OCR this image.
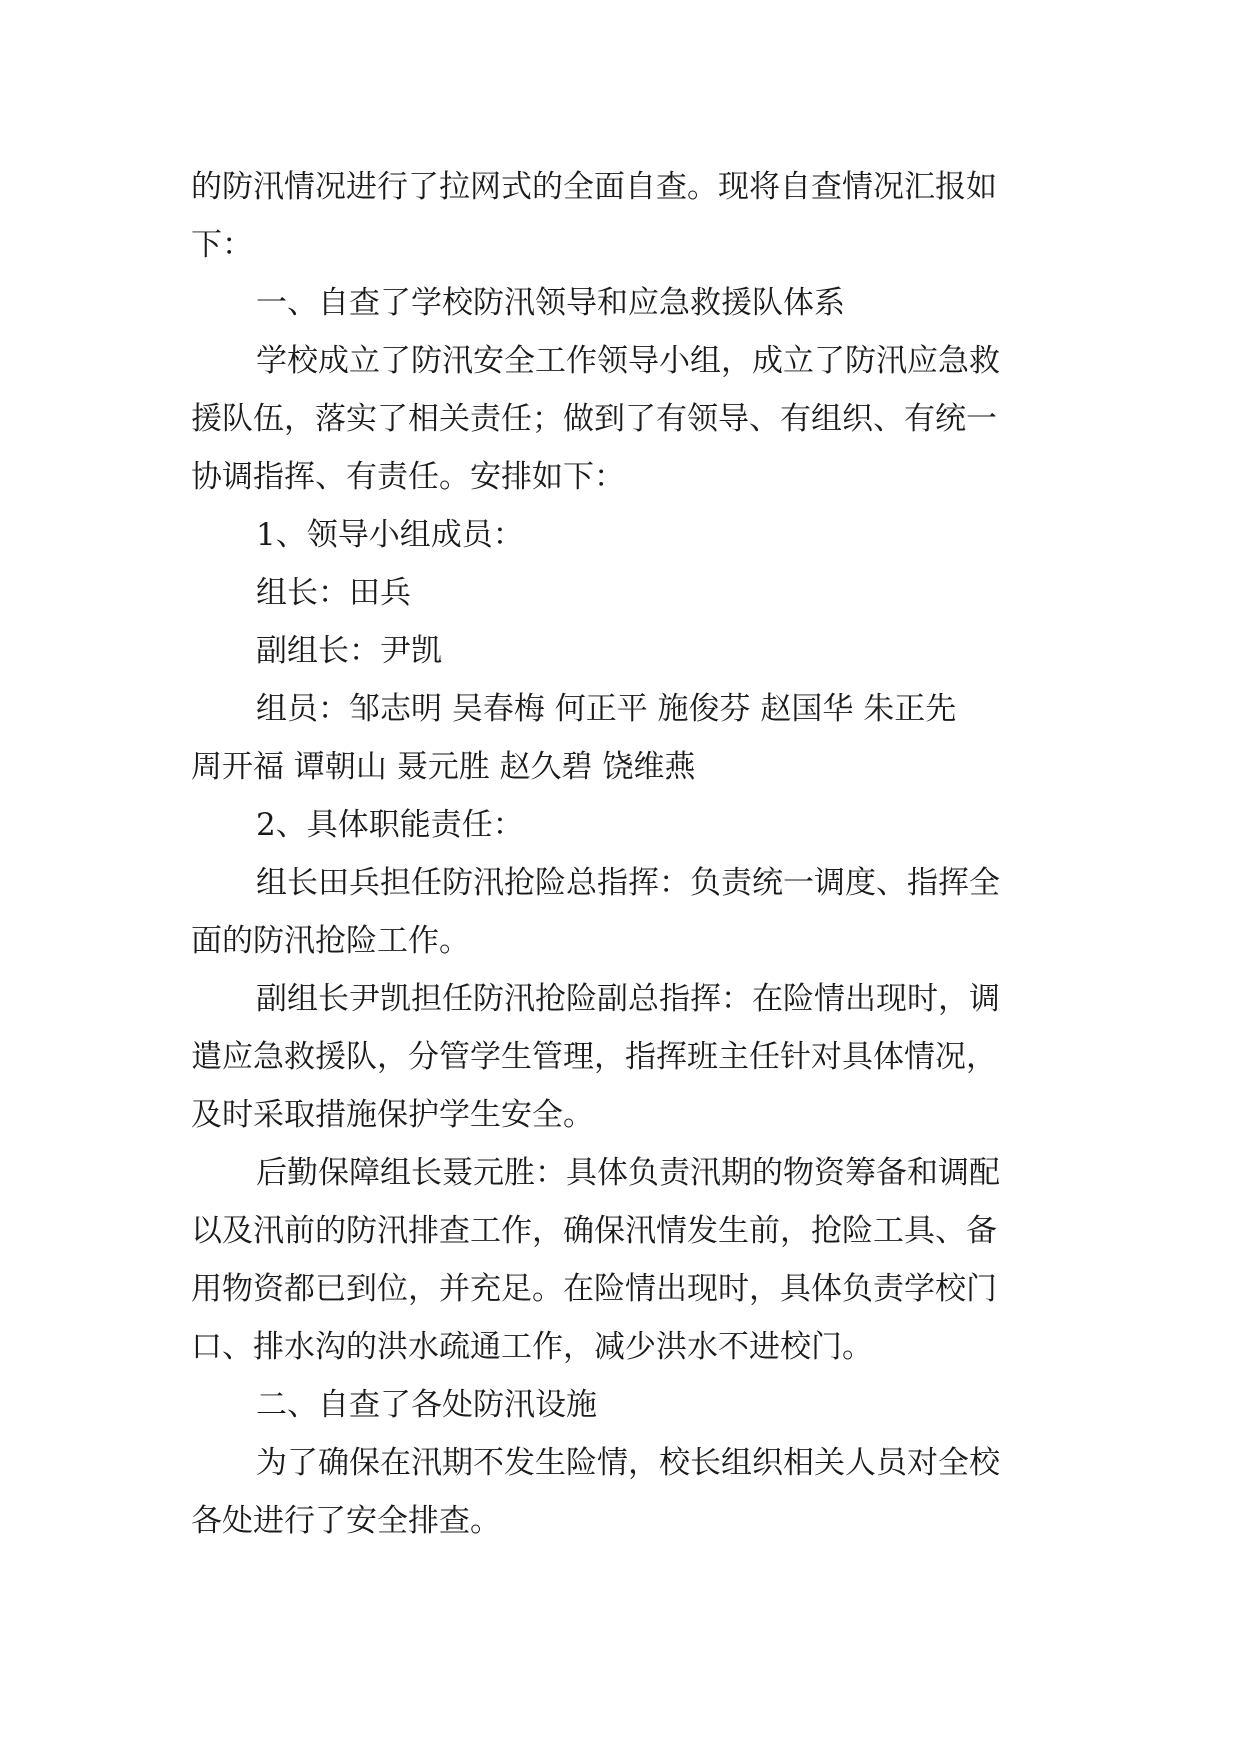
的防汛情况进行了拉网式的全面自查。现将自查情况汇报如
下：
一、自查了学校防汛领导和应急救援队体系
学校成立了防汛安全工作领导小组，成立了防汛应急救
援队伍，落实了相关责任；做到了有领导、有组织、有统一
协调指挥、有责任。安排如下：
1、领导小组成员：
组长：田兵
副组长：尹凯
组员：邹志明 吴春梅 何正平 施俊芬 赵国华 朱正先
周开福 谭朝山 聂元胜 赵久碧 饶维燕
2、具体职能责任：
组长田兵担任防汛抢险总指挥：负责统一调度、指挥全
面的防汛抢险工作。
副组长尹凯担任防汛抢险副总指挥：在险情出现时，调
遣应急救援队，分管学生管理，指挥班主任针对具体情况，
及时采取措施保护学生安全。
后勤保障组长聂元胜：具体负责汛期的物资筹备和调配
以及汛前的防汛排查工作，确保汛情发生前，抢险工具、备
用物资都已到位，并充足。在险情出现时，具体负责学校门
口、排水沟的洪水疏通工作，减少洪水不进校门。
二、自查了各处防汛设施
为了确保在汛期不发生险情，校长组织相关人员对全校
各处进行了安全排查。
